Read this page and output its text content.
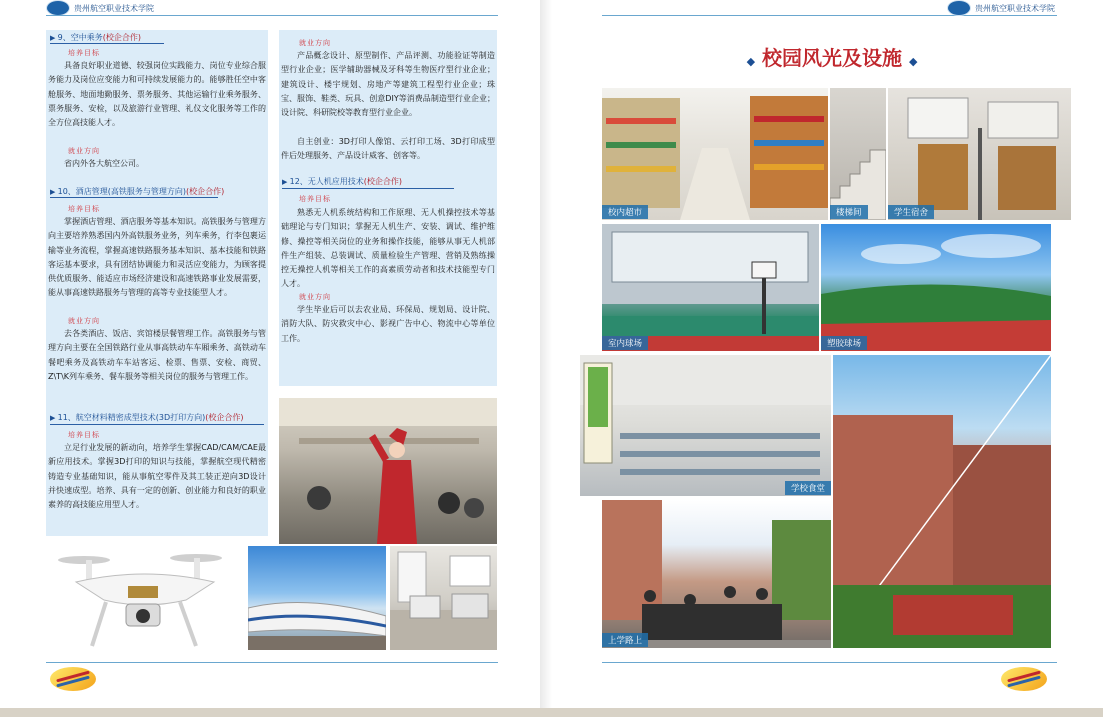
贵州航空职业技术学院
▶ 9、空中乘务(校企合作)
培养目标
具备良好职业道德、较强岗位实践能力、岗位专业综合服务能力及岗位应变能力和可持续发展能力的。能够胜任空中客舱服务、地面地勤服务、票务服务、其他运输行业乘务服务、票务服务、安检，以及旅游行业管理、礼仪文化服务等工作的全方位高技能人才。
就业方向
省内外各大航空公司。
▶ 10、酒店管理(高铁服务与管理方向)(校企合作)
培养目标
掌握酒店管理、酒店服务等基本知识。高铁服务与管理方向主要培养熟悉国内外高铁服务业务，列车乘务，行李包裹运输等业务流程，掌握高速铁路服务基本知识、基本技能和铁路客运基本要求，具有团结协调能力和灵活应变能力，为顾客提供优质服务、能适应市场经济建设和高速铁路事业发展需要，能从事高速铁路服务与管理的高等专业技能型人才。
就业方向
去各类酒店、饭店、宾馆楼层餐管理工作。高铁服务与管理方向主要在全国铁路行业从事高铁动车车厢乘务、高铁动车餐吧乘务及高铁动车车站客运、检票、售票、安检、商贸、Z\T\K列车乘务、餐车服务等相关岗位的服务与管理工作。
▶ 11、航空材料精密成型技术(3D打印方向)(校企合作)
培养目标
立足行业发展的新动向，培养学生掌握CAD/CAM/CAE最新应用技术。掌握3D打印的知识与技能，掌握航空现代精密铸造专业基础知识，能从事航空零件及其工装正逆向3D设计并快速成型。培养、具有一定的创新、创业能力和良好的职业素养的高技能应用型人才。
就业方向
产品概念设计、原型制作、产品评测、功能验证等制造型行业企业；医学辅助器械及牙科等生物医疗型行业企业；建筑设计、楼宇规划、房地产等建筑工程型行业企业；珠宝、服饰、鞋类、玩具、创意DIY等消费品制造型行业企业；设计院、科研院校等教育型行业企业。
自主创业：3D打印人像馆、云打印工场、3D打印成型件后处理服务、产品设计威客、创客等。
▶ 12、无人机应用技术(校企合作)
培养目标
熟悉无人机系统结构和工作原理、无人机操控技术等基础理论与专门知识；掌握无人机生产、安装、调试、维护维修、操控等相关岗位的业务和操作技能，能够从事无人机部件生产组装、总装调试、质量检验生产管理、营销及熟练操控无操控人机等相关工作的高素质劳动者和技术技能型专门人才。
就业方向
学生毕业后可以去农业局、环保局、规划局、设计院、消防大队、防灾救灾中心、影视广告中心、物流中心等单位工作。
贵州航空职业技术学院
◆ 校园风光及设施 ◆
校内超市	楼梯间	学生宿舍
室内球场	塑胶球场
学校食堂
上学路上
